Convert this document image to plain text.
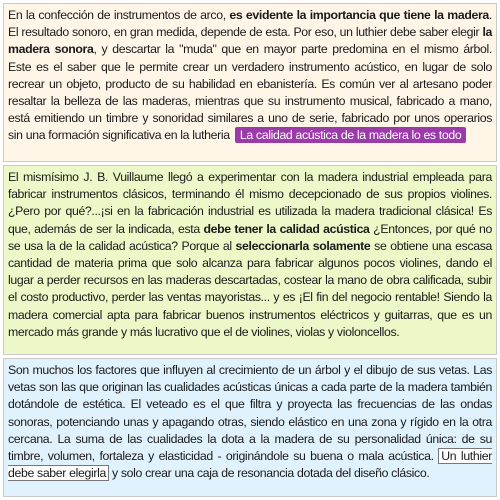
En la confección de instrumentos de arco, es evidente la importancia que tiene la madera. El resultado sonoro, en gran medida, depende de esta. Por eso, un luthier debe saber elegir la madera sonora, y descartar la "muda" que en mayor parte predomina en el mismo árbol. Este es el saber que le permite crear un verdadero instrumento acústico, en lugar de solo recrear un objeto, producto de su habilidad en ebanistería. Es común ver al artesano poder resaltar la belleza de las maderas, mientras que su instrumento musical, fabricado a mano, está emitiendo un timbre y sonoridad similares a uno de serie, fabricado por unos operarios sin una formación significativa en la lutheria La calidad acústica de la madera lo es todo
El mismísimo J. B. Vuillaume llegó a experimentar con la madera industrial empleada para fabricar instrumentos clásicos, terminando él mismo decepcionado de sus propios violines. ¿Pero por qué?...¡si en la fabricación industrial es utilizada la madera tradicional clásica! Es que, además de ser la indicada, esta debe tener la calidad acústica ¿Entonces, por qué no se usa la de la calidad acústica? Porque al seleccionarla solamente se obtiene una escasa cantidad de materia prima que solo alcanza para fabricar algunos pocos violines, dando el lugar a perder recursos en las maderas descartadas, costear la mano de obra calificada, subir el costo productivo, perder las ventas mayoristas... y es ¡El fin del negocio rentable! Siendo la madera comercial apta para fabricar buenos instrumentos eléctricos y guitarras, que es un mercado más grande y más lucrativo que el de violines, violas y violoncellos.
Son muchos los factores que influyen al crecimiento de un árbol y el dibujo de sus vetas. Las vetas son las que originan las cualidades acústicas únicas a cada parte de la madera también dotándole de estética. El veteado es el que filtra y proyecta las frecuencias de las ondas sonoras, potenciando unas y apagando otras, siendo elástico en una zona y rígido en la otra cercana. La suma de las cualidades la dota a la madera de su personalidad única: de su timbre, volumen, fortaleza y elasticidad - originándole su buena o mala acústica. Un luthier debe saber elegirla y solo crear una caja de resonancia dotada del diseño clásico.
